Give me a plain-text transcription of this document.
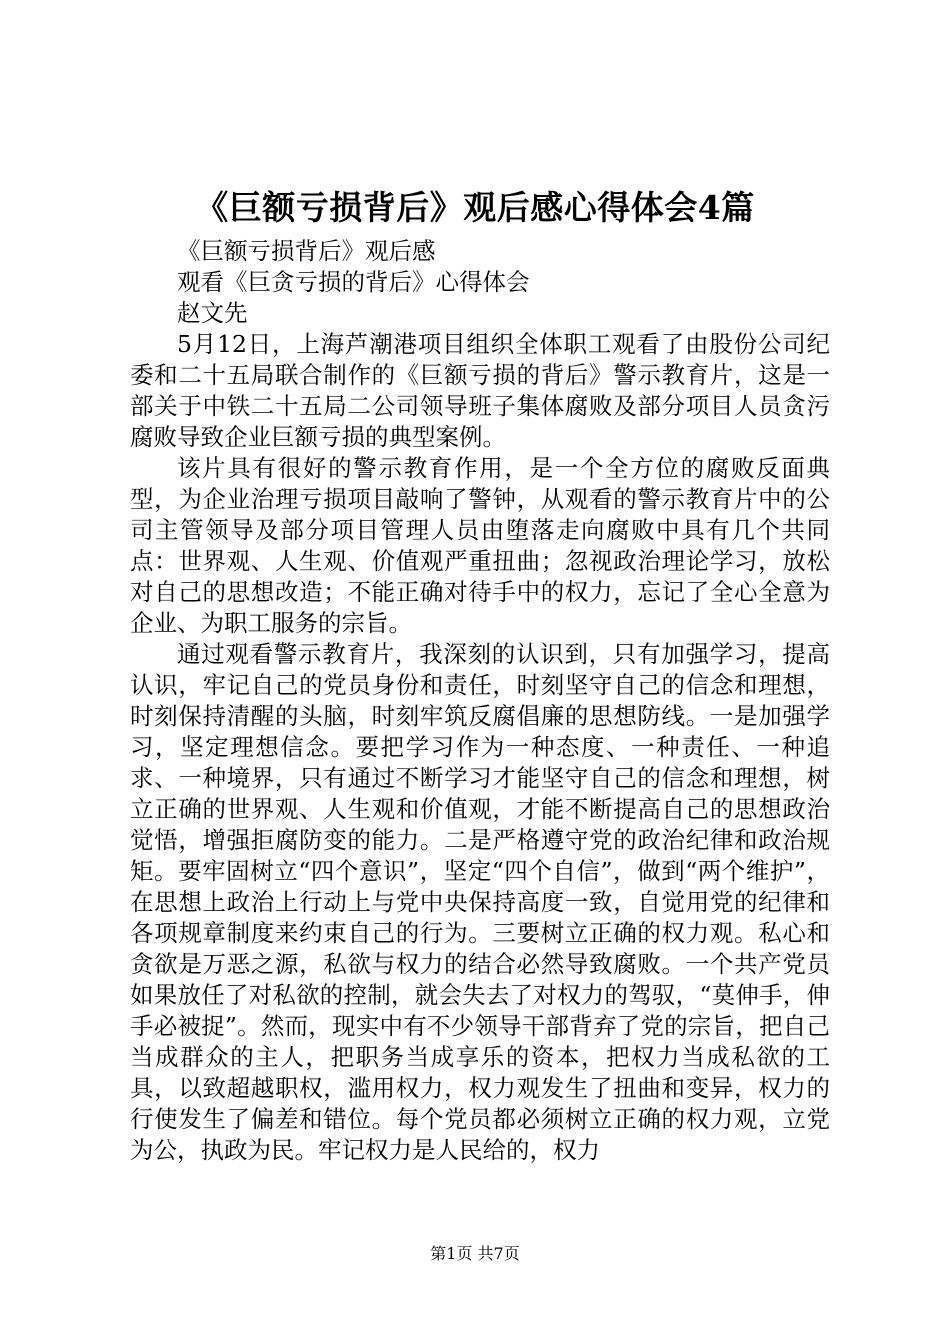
《巨额亏损背后》观后感心得体会4篇

《巨额亏损背后》观后感

观看《巨贪亏损的背后》心得体会

赵文先

5月12日，上海芦潮港项目组织全体职工观看了由股份公司纪委和二十五局联合制作的《巨额亏损的背后》警示教育片，这是一部关于中铁二十五局二公司领导班子集体腐败及部分项目人员贪污腐败导致企业巨额亏损的典型案例。

该片具有很好的警示教育作用，是一个全方位的腐败反面典型，为企业治理亏损项目敲响了警钟，从观看的警示教育片中的公司主管领导及部分项目管理人员由堕落走向腐败中具有几个共同点：世界观、人生观、价值观严重扭曲；忽视政治理论学习，放松对自己的思想改造；不能正确对待手中的权力，忘记了全心全意为企业、为职工服务的宗旨。

通过观看警示教育片，我深刻的认识到，只有加强学习，提高认识，牢记自己的党员身份和责任，时刻坚守自己的信念和理想，时刻保持清醒的头脑，时刻牢筑反腐倡廉的思想防线。一是加强学习，坚定理想信念。要把学习作为一种态度、一种责任、一种追求、一种境界，只有通过不断学习才能坚守自己的信念和理想，树立正确的世界观、人生观和价值观，才能不断提高自己的思想政治觉悟，增强拒腐防变的能力。二是严格遵守党的政治纪律和政治规矩。要牢固树立“四个意识”，坚定“四个自信”，做到“两个维护”，在思想上政治上行动上与党中央保持高度一致，自觉用党的纪律和各项规章制度来约束自己的行为。三要树立正确的权力观。私心和贪欲是万恶之源，私欲与权力的结合必然导致腐败。一个共产党员如果放任了对私欲的控制，就会失去了对权力的驾驭，“莫伸手，伸手必被捉”。然而，现实中有不少领导干部背弃了党的宗旨，把自己当成群众的主人，把职务当成享乐的资本，把权力当成私欲的工具，以致超越职权，滥用权力，权力观发生了扭曲和变异，权力的行使发生了偏差和错位。每个党员都必须树立正确的权力观，立党为公，执政为民。牢记权力是人民给的，权力

第1页 共7页
